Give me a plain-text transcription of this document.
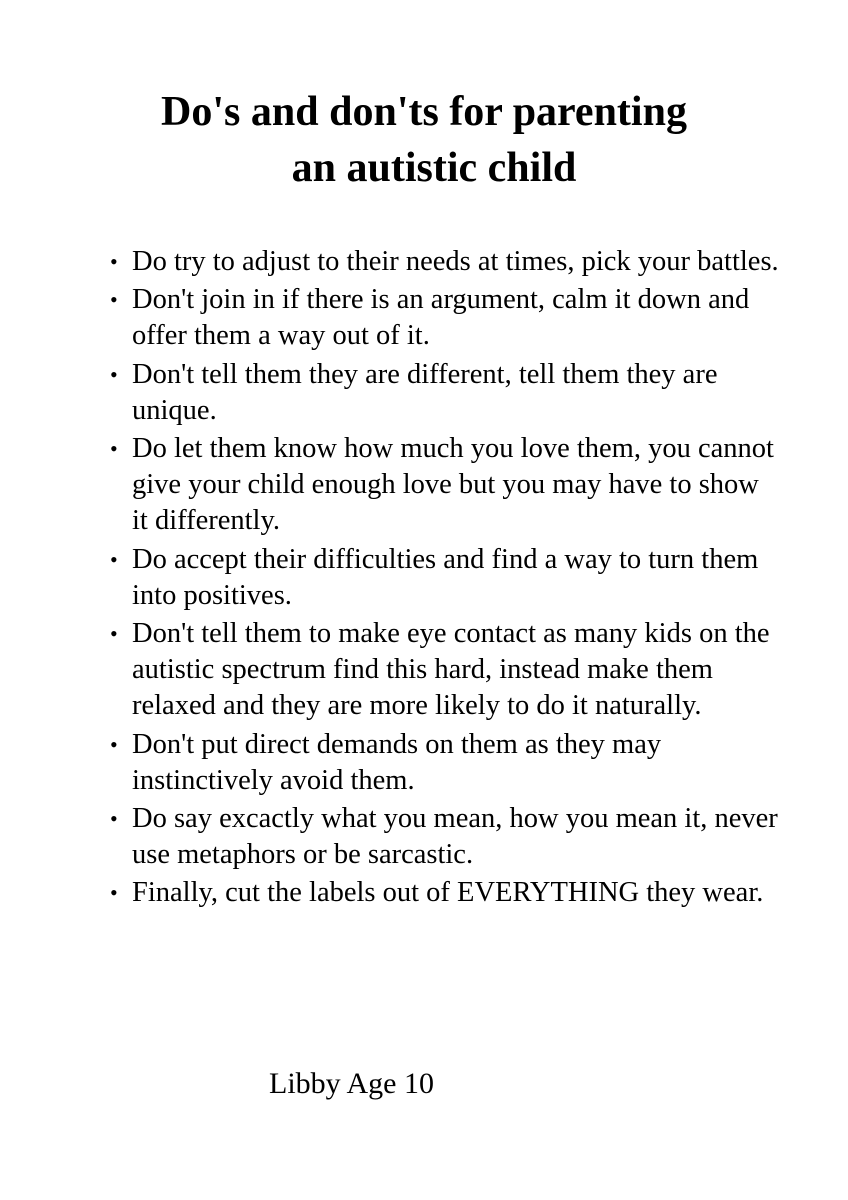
Do's and don'ts for parenting
an autistic child
• Do try to adjust to their needs at times, pick your battles.
• Don't join in if there is an argument, calm it down and offer them a way out of it.
• Don't tell them they are different, tell them they are unique.
• Do let them know how much you love them, you cannot give your child enough love but you may have to show it differently.
• Do accept their difficulties and find a way to turn them into positives.
• Don't tell them to make eye contact as many kids on the autistic spectrum find this hard, instead make them relaxed and they are more likely to do it naturally.
• Don't put direct demands on them as they may instinctively avoid them.
• Do say excactly what you mean, how you mean it, never use metaphors or be sarcastic.
• Finally, cut the labels out of EVERYTHING they wear.
Libby Age 10
